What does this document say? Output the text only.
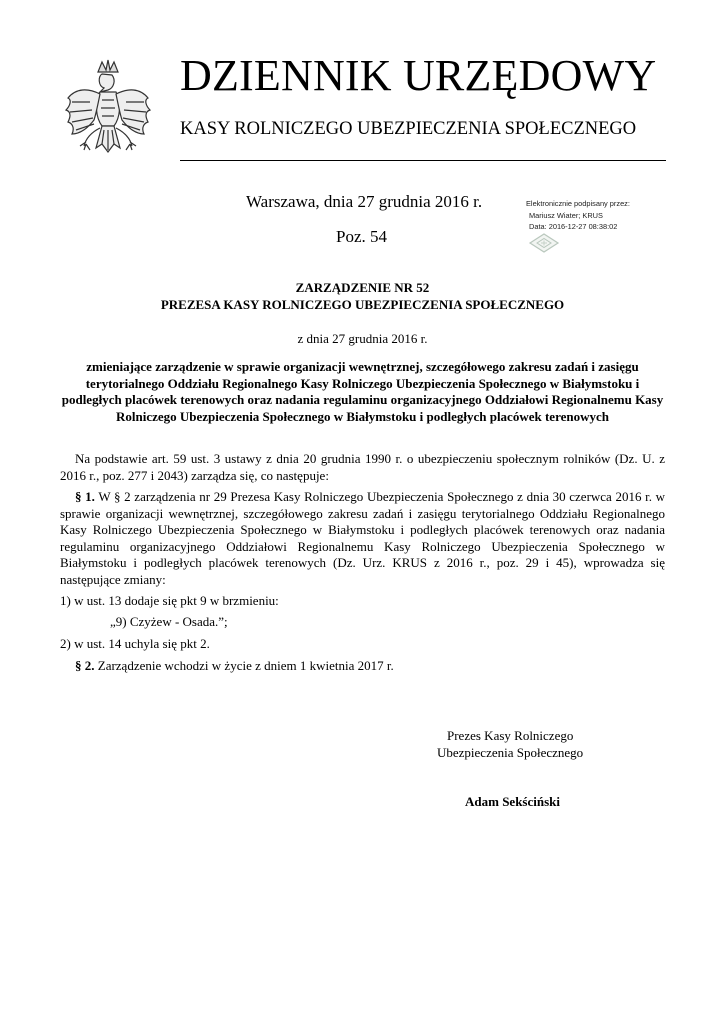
DZIENNIK URZĘDOWY
KASY ROLNICZEGO UBEZPIECZENIA SPOŁECZNEGO
Warszawa, dnia 27 grudnia 2016 r.
Poz. 54
Elektronicznie podpisany przez:
Mariusz Wiater; KRUS
Data: 2016-12-27 08:38:02
ZARZĄDZENIE NR 52
PREZESA KASY ROLNICZEGO UBEZPIECZENIA SPOŁECZNEGO
z dnia 27 grudnia 2016 r.
zmieniające zarządzenie w sprawie organizacji wewnętrznej, szczegółowego zakresu zadań i zasięgu terytorialnego Oddziału Regionalnego Kasy Rolniczego Ubezpieczenia Społecznego w Białymstoku i podległych placówek terenowych oraz nadania regulaminu organizacyjnego Oddziałowi Regionalnemu Kasy Rolniczego Ubezpieczenia Społecznego w Białymstoku i podległych placówek terenowych
Na podstawie art. 59 ust. 3 ustawy z dnia 20 grudnia 1990 r. o ubezpieczeniu społecznym rolników (Dz. U. z 2016 r., poz. 277 i 2043) zarządza się, co następuje:
§ 1. W § 2 zarządzenia nr 29 Prezesa Kasy Rolniczego Ubezpieczenia Społecznego z dnia 30 czerwca 2016 r. w sprawie organizacji wewnętrznej, szczegółowego zakresu zadań i zasięgu terytorialnego Oddziału Regionalnego Kasy Rolniczego Ubezpieczenia Społecznego w Białymstoku i podległych placówek terenowych oraz nadania regulaminu organizacyjnego Oddziałowi Regionalnemu Kasy Rolniczego Ubezpieczenia Społecznego w Białymstoku i podległych placówek terenowych (Dz. Urz. KRUS z 2016 r., poz. 29 i 45), wprowadza się następujące zmiany:
1) w ust. 13 dodaje się pkt 9 w brzmieniu:
„9) Czyżew - Osada.”;
2) w ust. 14 uchyla się pkt 2.
§ 2. Zarządzenie wchodzi w życie z dniem 1 kwietnia 2017 r.
Prezes Kasy Rolniczego
Ubezpieczenia Społecznego
Adam Sekściński
